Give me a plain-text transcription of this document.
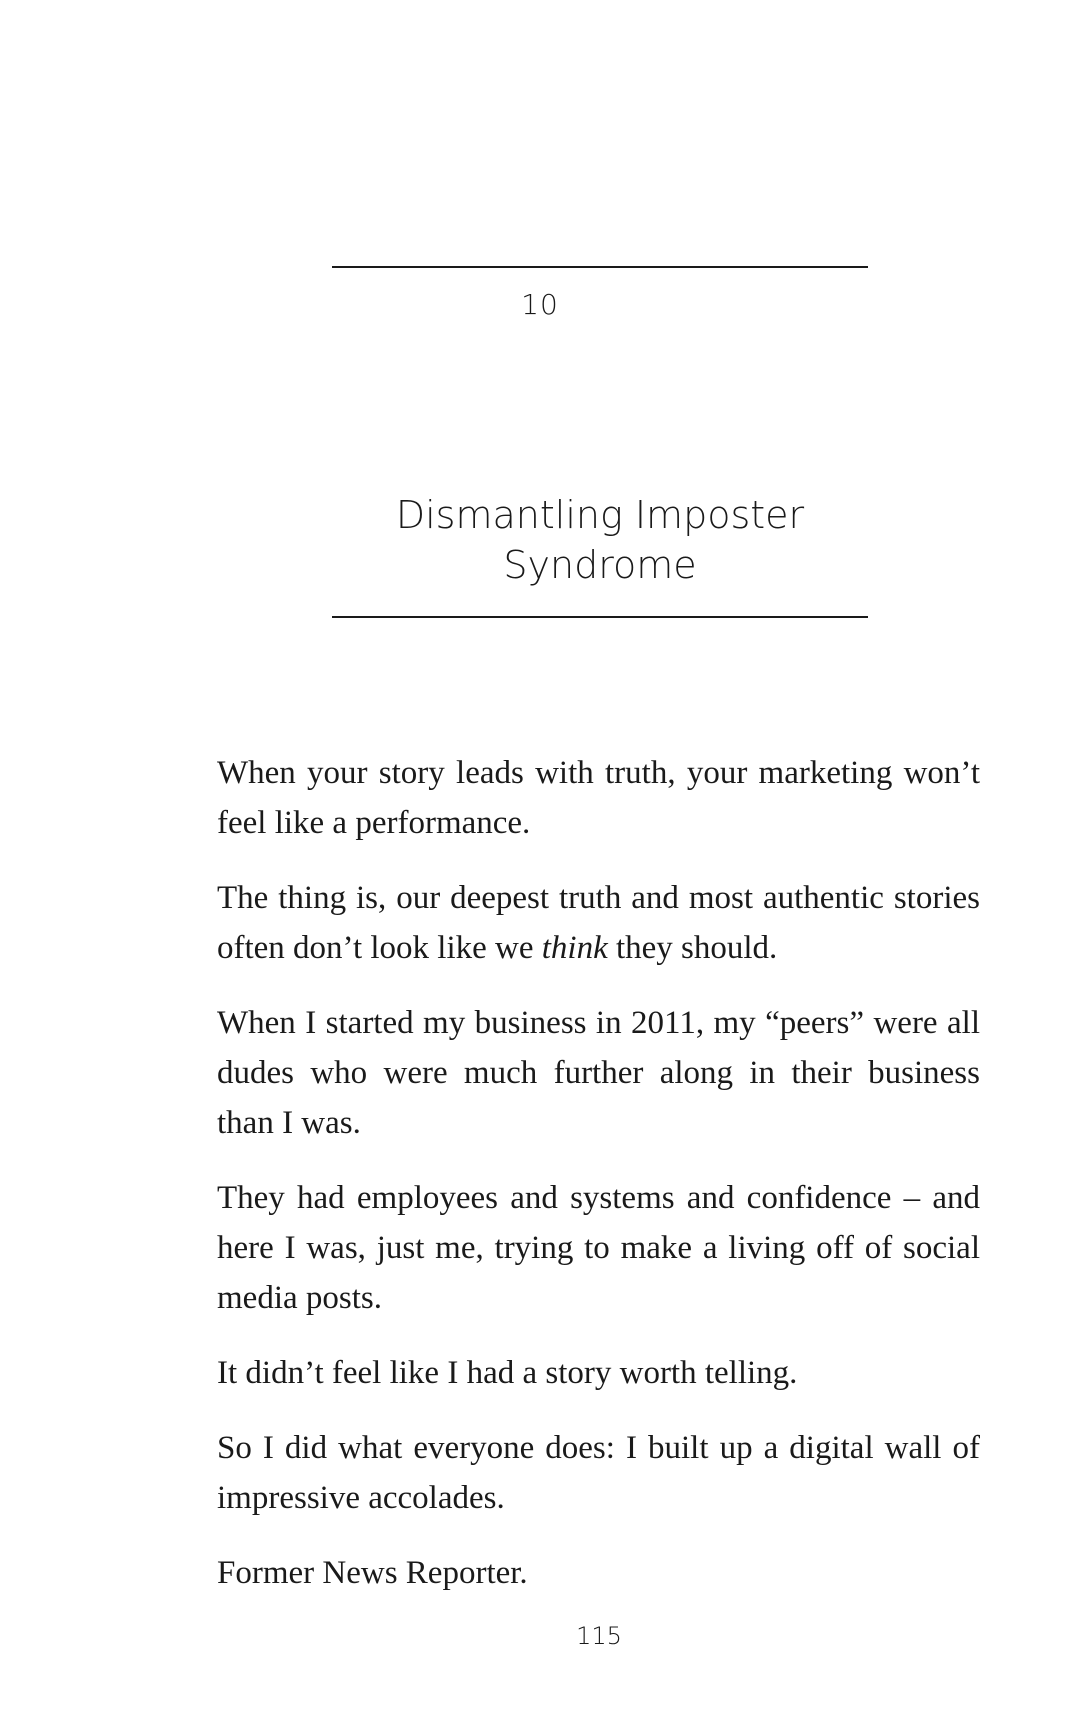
10
Dismantling Imposter
Syndrome

When your story leads with truth, your marketing won’t feel like a performance.

The thing is, our deepest truth and most authentic stories often don’t look like we think they should.

When I started my business in 2011, my “peers” were all dudes who were much further along in their business than I was.

They had employees and systems and confidence – and here I was, just me, trying to make a living off of social media posts.

It didn’t feel like I had a story worth telling.

So I did what everyone does: I built up a digital wall of impressive accolades.

Former News Reporter.

115
